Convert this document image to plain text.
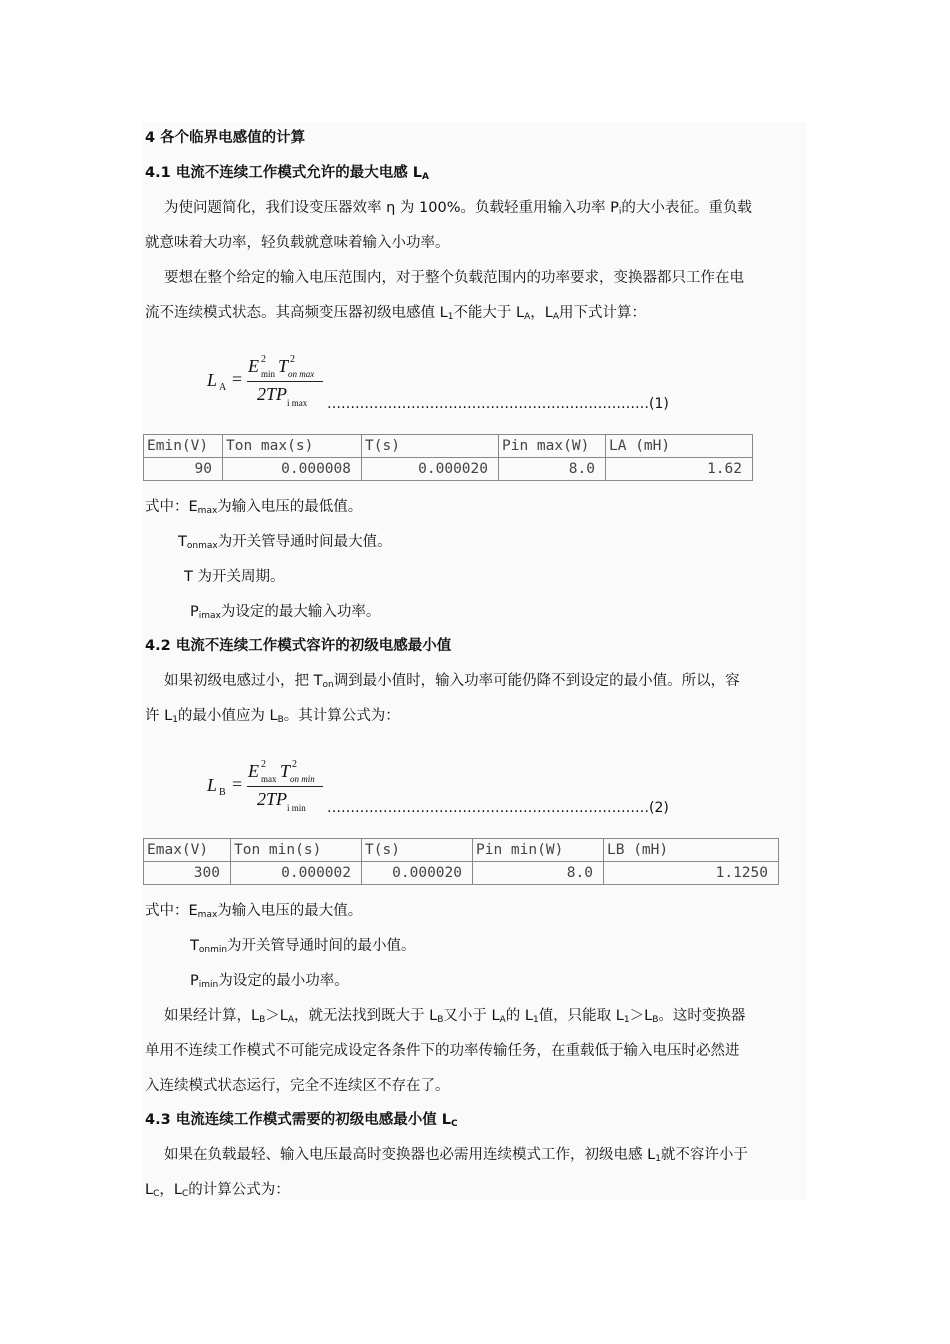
4 各个临界电感值的计算
4.1 电流不连续工作模式允许的最大电感 $L_A$
为使问题简化，我们设变压器效率 η 为 100%。负载轻重用输入功率 $P_i$的大小表征。重负载
就意味着大功率，轻负载就意味着输入小功率。
要想在整个给定的输入电压范围内，对于整个负载范围内的功率要求，变换器都只工作在电
流不连续模式状态。其高频变压器初级电感值 $L_1$不能大于 $L_A$，$L_A$用下式计算：
L A =
E 2
min T 2
on max
2TP i max ……………………………………………………………(1)
Emin(V)	Ton max(s)	T(s)	Pin max(W)	LA (mH)
90	0.000008	0.000020	8.0	1.62
式中：$E_{max}$为输入电压的最低值。
$T_{onmax}$为开关管导通时间最大值。
T 为开关周期。
$P_{imax}$为设定的最大输入功率。
4.2 电流不连续工作模式容许的初级电感最小值
如果初级电感过小，把 $T_{on}$调到最小值时，输入功率可能仍降不到设定的最小值。所以，容
许 $L_1$的最小值应为 $L_B$。其计算公式为：
L B =
E 2
max T 2
on min
2TP i min ……………………………………………………………(2)
Emax(V)	Ton min(s)	T(s)	Pin min(W)	LB (mH)
300	0.000002	0.000020	8.0	1.1250
式中：$E_{max}$为输入电压的最大值。
$T_{onmin}$为开关管导通时间的最小值。
$P_{imin}$为设定的最小功率。
如果经计算，$L_B>L_A$，就无法找到既大于 $L_B$又小于 $L_A$的 $L_1$值，只能取 $L_1>L_B$。这时变换器
单用不连续工作模式不可能完成设定各条件下的功率传输任务，在重载低于输入电压时必然进
入连续模式状态运行，完全不连续区不存在了。
4.3 电流连续工作模式需要的初级电感最小值 $L_C$
如果在负载最轻、输入电压最高时变换器也必需用连续模式工作，初级电感 $L_1$就不容许小于
$L_C$，$L_C$的计算公式为：
